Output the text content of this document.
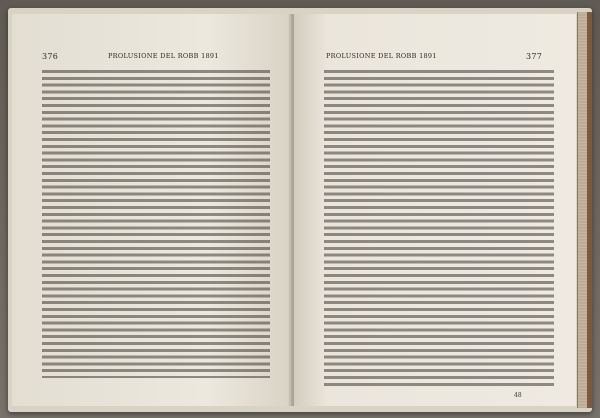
376	PROLUSIONE DEL ROBB 1891	PROLUSIONE DEL ROBB 1891	377
48
